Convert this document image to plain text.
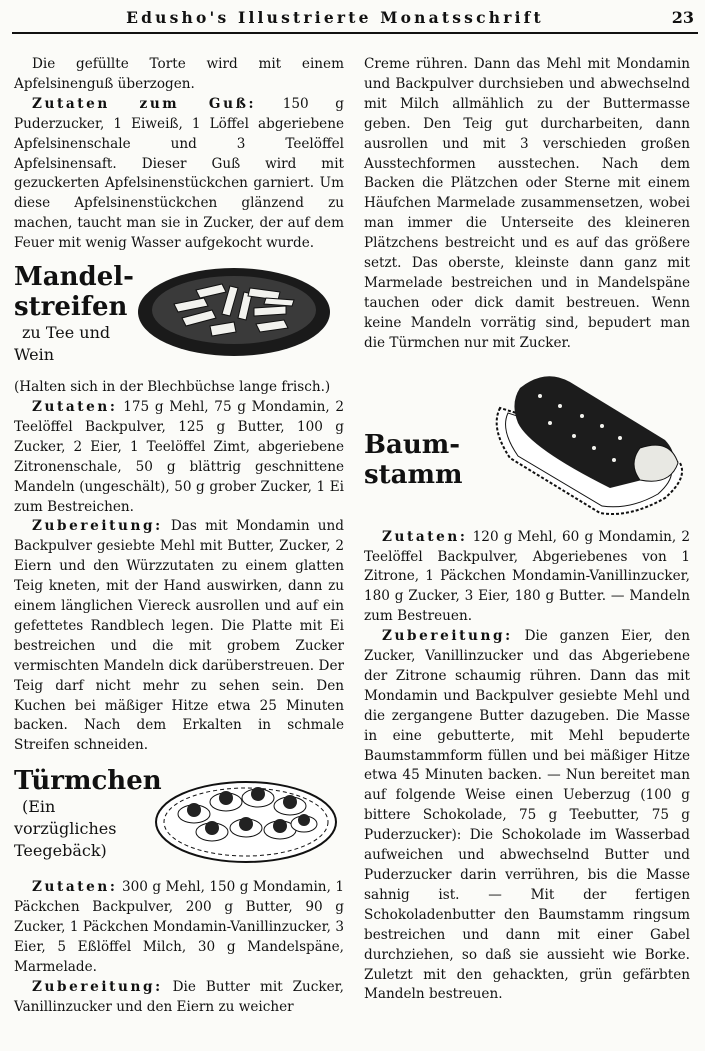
Edusho's Illustrierte Monatsschrift	23

Die gefüllte Torte wird mit einem Apfelsinenguß überzogen.

Zutaten zum Guß: 150 g Puderzucker, 1 Eiweiß, 1 Löffel abgeriebene Apfelsinenschale und 3 Teelöffel Apfelsinensaft. Dieser Guß wird mit gezuckerten Apfelsinenstückchen garniert. Um diese Apfelsinenstückchen glänzend zu machen, taucht man sie in Zucker, der auf dem Feuer mit wenig Wasser aufgekocht wurde.

Mandel-
streifen
zu Tee und
Wein

(Halten sich in der Blechbüchse lange frisch.)

Zutaten: 175 g Mehl, 75 g Mondamin, 2 Teelöffel Backpulver, 125 g Butter, 100 g Zucker, 2 Eier, 1 Teelöffel Zimt, abgeriebene Zitronenschale, 50 g blättrig geschnittene Mandeln (ungeschält), 50 g grober Zucker, 1 Ei zum Bestreichen.

Zubereitung: Das mit Mondamin und Backpulver gesiebte Mehl mit Butter, Zucker, 2 Eiern und den Würzzutaten zu einem glatten Teig kneten, mit der Hand auswirken, dann zu einem länglichen Viereck ausrollen und auf ein gefettetes Randblech legen. Die Platte mit Ei bestreichen und die mit grobem Zucker vermischten Mandeln dick darüberstreuen. Der Teig darf nicht mehr zu sehen sein. Den Kuchen bei mäßiger Hitze etwa 25 Minuten backen. Nach dem Erkalten in schmale Streifen schneiden.

Türmchen
(Ein
vorzügliches
Teegebäck)

Zutaten: 300 g Mehl, 150 g Mondamin, 1 Päckchen Backpulver, 200 g Butter, 90 g Zucker, 1 Päckchen Mondamin-Vanillinzucker, 3 Eier, 5 Eßlöffel Milch, 30 g Mandelspäne, Marmelade.

Zubereitung: Die Butter mit Zucker, Vanillinzucker und den Eiern zu weicher

Creme rühren. Dann das Mehl mit Mondamin und Backpulver durchsieben und abwechselnd mit Milch allmählich zu der Buttermasse geben. Den Teig gut durcharbeiten, dann ausrollen und mit 3 verschieden großen Ausstechformen ausstechen. Nach dem Backen die Plätzchen oder Sterne mit einem Häufchen Marmelade zusammensetzen, wobei man immer die Unterseite des kleineren Plätzchens bestreicht und es auf das größere setzt. Das oberste, kleinste dann ganz mit Marmelade bestreichen und in Mandelspäne tauchen oder dick damit bestreuen. Wenn keine Mandeln vorrätig sind, bepudert man die Türmchen nur mit Zucker.

Baum-
stamm

Zutaten: 120 g Mehl, 60 g Mondamin, 2 Teelöffel Backpulver, Abgeriebenes von 1 Zitrone, 1 Päckchen Mondamin-Vanillinzucker, 180 g Zucker, 3 Eier, 180 g Butter. — Mandeln zum Bestreuen.

Zubereitung: Die ganzen Eier, den Zucker, Vanillinzucker und das Abgeriebene der Zitrone schaumig rühren. Dann das mit Mondamin und Backpulver gesiebte Mehl und die zergangene Butter dazugeben. Die Masse in eine gebutterte, mit Mehl bepuderte Baumstammform füllen und bei mäßiger Hitze etwa 45 Minuten backen. — Nun bereitet man auf folgende Weise einen Ueberzug (100 g bittere Schokolade, 75 g Teebutter, 75 g Puderzucker): Die Schokolade im Wasserbad aufweichen und abwechselnd Butter und Puderzucker darin verrühren, bis die Masse sahnig ist. — Mit der fertigen Schokoladenbutter den Baumstamm ringsum bestreichen und dann mit einer Gabel durchziehen, so daß sie aussieht wie Borke. Zuletzt mit den gehackten, grün gefärbten Mandeln bestreuen.
